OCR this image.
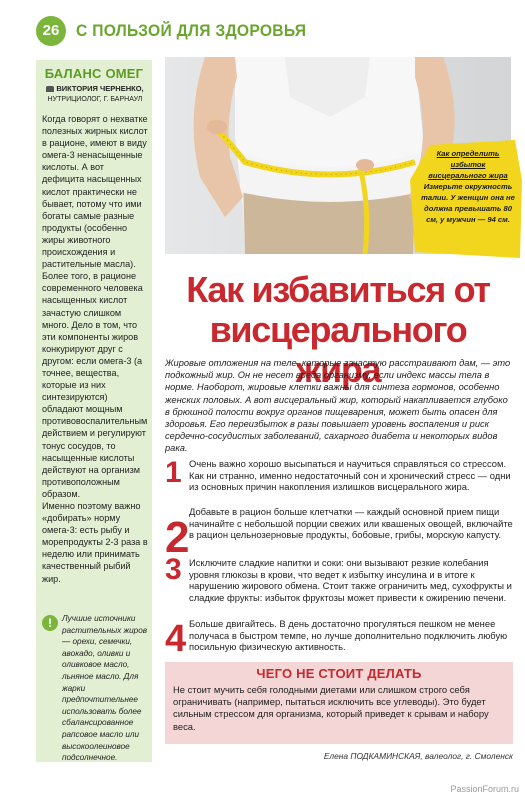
26 С ПОЛЬЗОЙ ДЛЯ ЗДОРОВЬЯ
БАЛАНС ОМЕГ
ВИКТОРИЯ ЧЕРНЕНКО,
НУТРИЦИОЛОГ, Г. БАРНАУЛ

Когда говорят о нехватке полезных жирных кислот в рационе, имеют в виду омега-3 ненасыщенные кислоты. А вот дефицита насыщенных кислот практически не бывает, потому что ими богаты самые разные продукты (особенно жиры животного происхождения и растительные масла). Более того, в рационе современного человека насыщенных кислот зачастую слишком много. Дело в том, что эти компоненты жиров конкурируют друг с другом: если омега-3 (а точнее, вещества, которые из них синтезируются) обладают мощным противовоспалительным действием и регулируют тонус сосудов, то насыщенные кислоты действуют на организм противоположным образом.

Именно поэтому важно «добирать» норму омега-3: есть рыбу и морепродукты 2-3 раза в неделю или принимать качественный рыбий жир.

!	Лучшие источники растительных жиров — орехи, семечки, авокадо, оливки и оливковое масло, льняное масло. Для жарки предпочтительнее использовать более сбалансированное рапсовое масло или высокоолеиновое подсолнечное.
Как определить избыток висцерального жира
Измерьте окружность талии. У женщин она не должна превышать 80 см, у мужчин — 94 см.
Как избавиться от висцерального жира
Жировые отложения на теле, которые зачастую расстраивают дам, — это подкожный жир. Он не несет вреда организму, если индекс массы тела в норме. Наоборот, жировые клетки важны для синтеза гормонов, особенно женских половых. А вот висцеральный жир, который накапливается глубоко в брюшной полости вокруг органов пищеварения, может быть опасен для здоровья. Его переизбыток в разы повышает уровень воспаления и риск сердечно-сосудистых заболеваний, сахарного диабета и некоторых видов рака.
1 Очень важно хорошо высыпаться и научиться справляться со стрессом. Как ни странно, именно недостаточный сон и хронический стресс — одни из основных причин накопления излишков висцерального жира.
2
Добавьте в рацион больше клетчатки — каждый основной прием пищи начинайте с небольшой порции свежих или квашеных овощей, включайте в рацион цельнозерновые продукты, бобовые, грибы, морскую капусту.
3 Исключите сладкие напитки и соки: они вызывают резкие колебания уровня глюкозы в крови, что ведет к избытку инсулина и в итоге к нарушению жирового обмена. Стоит также ограничить мед, сухофрукты и сладкие фрукты: избыток фруктозы может привести к ожирению печени.
4 Больше двигайтесь. В день достаточно прогуляться пешком не менее получаса в быстром темпе, но лучше дополнительно подключить любую посильную физическую активность.
ЧЕГО НЕ СТОИТ ДЕЛАТЬ
Не стоит мучить себя голодными диетами или слишком строго себя ограничивать (например, пытаться исключить все углеводы). Это будет сильным стрессом для организма, который приведет к срывам и набору веса.
Елена ПОДКАМИНСКАЯ, валеолог, г. Смоленск
PassionForum.ru
